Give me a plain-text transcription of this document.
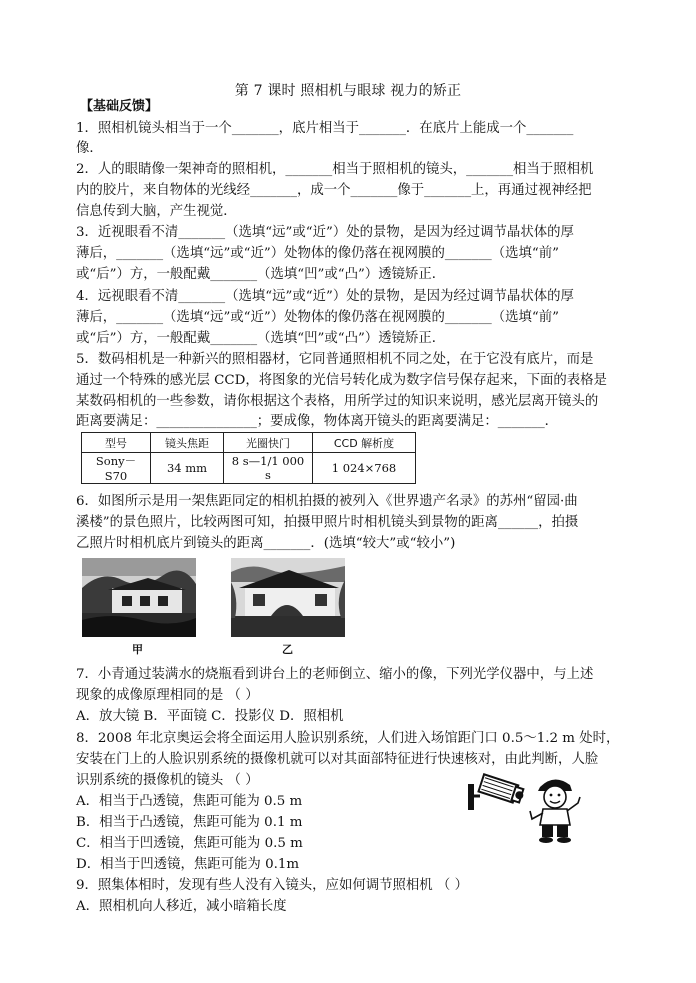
第 7 课时 照相机与眼球 视力的矫正
【基础反馈】
1．照相机镜头相当于一个_______，底片相当于_______．在底片上能成一个_______
像．
2．人的眼睛像一架神奇的照相机，_______相当于照相机的镜头，_______相当于照相机
内的胶片，来自物体的光线经_______，成一个_______像于_______上，再通过视神经把
信息传到大脑，产生视觉．
3．近视眼看不清_______（选填“远”或“近”）处的景物，是因为经过调节晶状体的厚
薄后，_______（选填“远”或“近”）处物体的像仍落在视网膜的_______（选填“前”
或“后”）方，一般配戴_______（选填“凹”或“凸”）透镜矫正．
4．远视眼看不清_______（选填“远”或“近”）处的景物，是因为经过调节晶状体的厚
薄后，_______（选填“远”或“近”）处物体的像仍落在视网膜的_______（选填“前”
或“后”）方，一般配戴_______（选填“凹”或“凸”）透镜矫正．
5．数码相机是一种新兴的照相器材，它同普通照相机不同之处，在于它没有底片，而是
通过一个特殊的感光层 CCD，将图象的光信号转化成为数字信号保存起来，下面的表格是
某数码相机的一些参数，请你根据这个表格，用所学过的知识来说明，感光层离开镜头的
距离要满足：_______________；要成像，物体离开镜头的距离要满足：_______．
型号	镜头焦距	光圈快门	CCD 解析度
Sony－S70	34 mm	8 s—1/1 000 s	1 024×768
6．如图所示是用一架焦距同定的相机拍摄的被列入《世界遗产名录》的苏州“留园·曲
溪楼”的景色照片，比较两图可知，拍摄甲照片时相机镜头到景物的距离______，拍摄
乙照片时相机底片到镜头的距离_______．(选填“较大”或“较小”)
甲	乙
7．小青通过装满水的烧瓶看到讲台上的老师倒立、缩小的像，下列光学仪器中，与上述
现象的成像原理相同的是 （ ）
A．放大镜 B．平面镜 C．投影仪 D．照相机
8．2008 年北京奥运会将全面运用人脸识别系统，人们进入场馆距门口 0.5～1.2 m 处时，
安装在门上的人脸识别系统的摄像机就可以对其面部特征进行快速核对，由此判断，人脸
识别系统的摄像机的镜头 （ ）
A．相当于凸透镜，焦距可能为 0.5 m
B．相当于凸透镜，焦距可能为 0.1 m
C．相当于凹透镜，焦距可能为 0.5 m
D．相当于凹透镜，焦距可能为 0.1m
9．照集体相时，发现有些人没有入镜头，应如何调节照相机 （ ）
A．照相机向人移近，减小暗箱长度
